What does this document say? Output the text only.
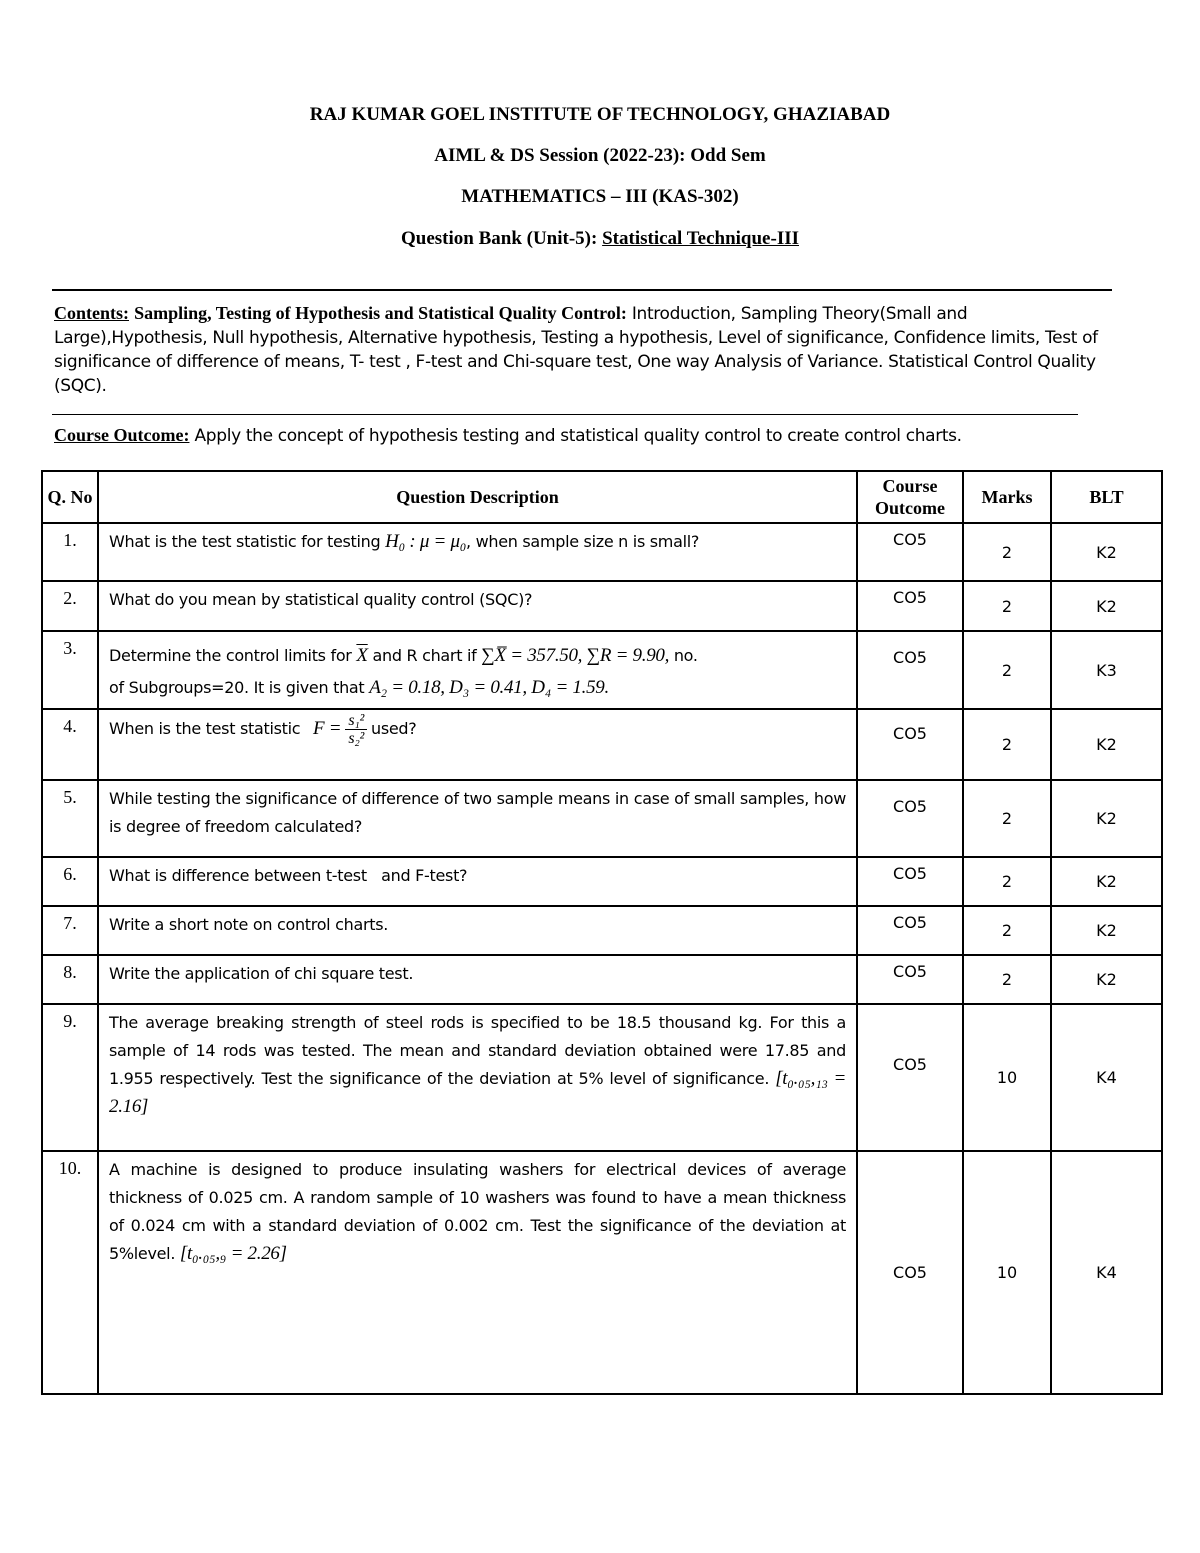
RAJ KUMAR GOEL INSTITUTE OF TECHNOLOGY, GHAZIABAD
AIML & DS Session (2022-23): Odd Sem
MATHEMATICS – III (KAS-302)
Question Bank (Unit-5): Statistical Technique-III
Contents: Sampling, Testing of Hypothesis and Statistical Quality Control: Introduction, Sampling Theory(Small and Large),Hypothesis, Null hypothesis, Alternative hypothesis, Testing a hypothesis, Level of significance, Confidence limits, Test of significance of difference of means, T- test , F-test and Chi-square test, One way Analysis of Variance. Statistical Control Quality (SQC).
Course Outcome: Apply the concept of hypothesis testing and statistical quality control to create control charts.
Q. No	Question Description	Course Outcome	Marks	BLT
1.	What is the test statistic for testing H₀ : μ = μ₀, when sample size n is small?	CO5	2	K2
2.	What do you mean by statistical quality control (SQC)?	CO5	2	K2
3.	Determine the control limits for $\overline{X}$ and R chart if ∑X̅ = 357.50, ∑R = 9.90, no.
of Subgroups=20. It is given that A₂ = 0.18, D₃ = 0.41, D₄ = 1.59.	CO5	2	K3
4.	When is the test statistic $F = \frac{\text{s₁²}}{\text{s₂²}}$ used?	CO5	2	K2
5.	While testing the significance of difference of two sample means in case of small samples, how is degree of freedom calculated?	CO5	2	K2
6.	What is difference between t-test   and F-test?	CO5	2	K2
7.	Write a short note on control charts.	CO5	2	K2
8.	Write the application of chi square test.	CO5	2	K2
9.	The average breaking strength of steel rods is specified to be 18.5 thousand kg. For this a sample of 14 rods was tested. The mean and standard deviation obtained were 17.85 and 1.955 respectively. Test the significance of the deviation at 5% level of significance. [t₀.₀₅,₁₃ = 2.16]	CO5	10	K4
10.	A machine is designed to produce insulating washers for electrical devices of average thickness of 0.025 cm. A random sample of 10 washers was found to have a mean thickness of 0.024 cm with a standard deviation of 0.002 cm. Test the significance of the deviation at 5%level. [t₀.₀₅,₉ = 2.26]	CO5	10	K4
